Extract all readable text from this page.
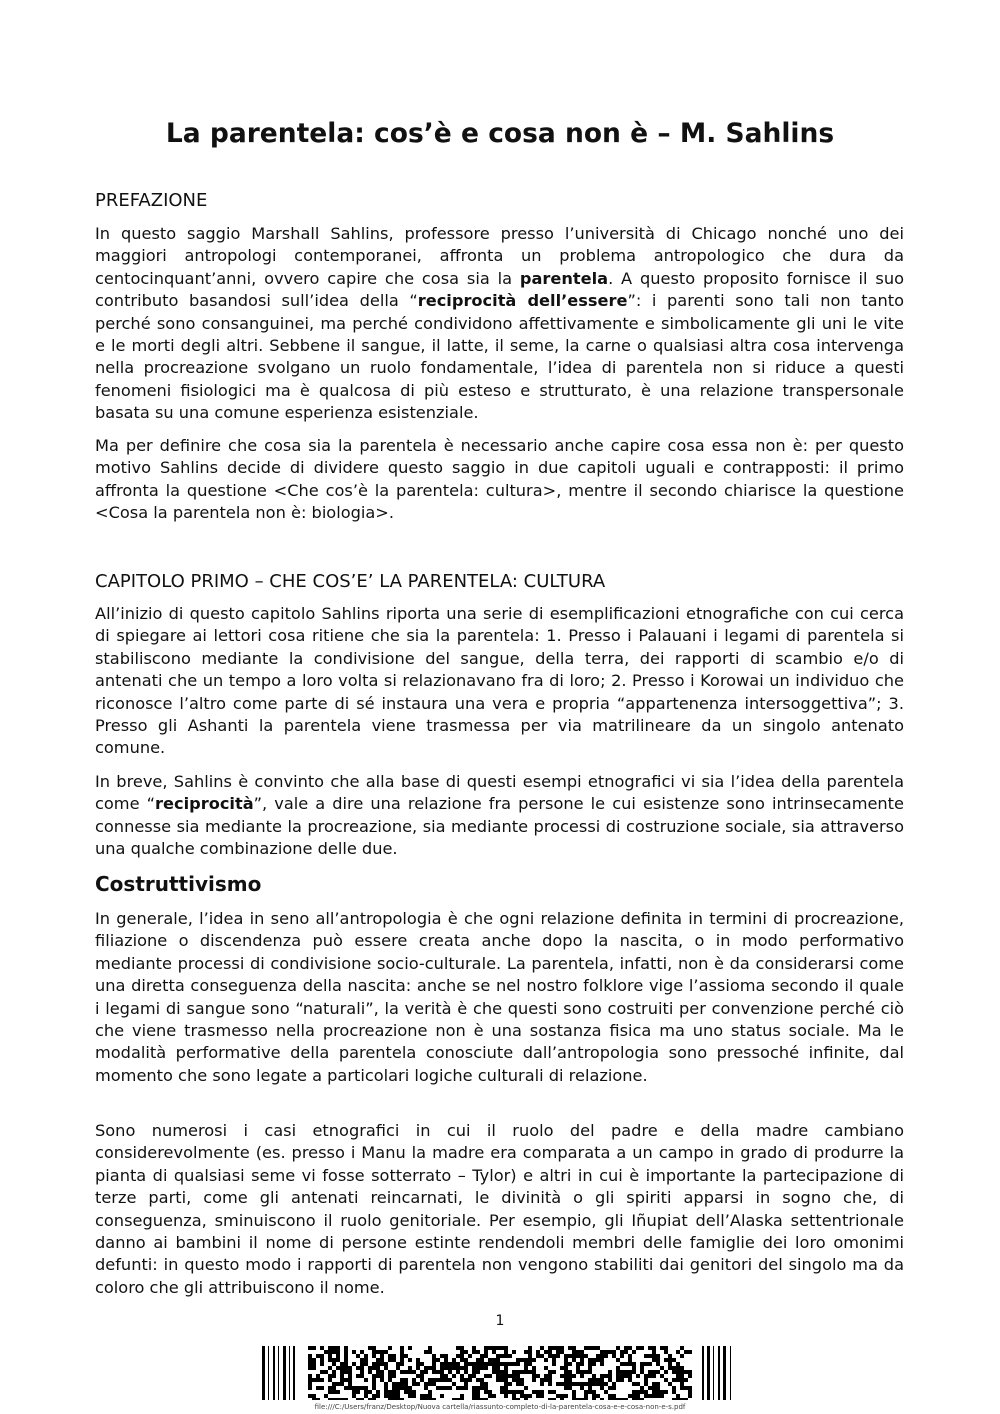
La parentela: cos’è e cosa non è – M. Sahlins
PREFAZIONE

In questo saggio Marshall Sahlins, professore presso l’università di Chicago nonché uno dei maggiori antropologi contemporanei, affronta un problema antropologico che dura da centocinquant’anni, ovvero capire che cosa sia la parentela. A questo proposito fornisce il suo contributo basandosi sull’idea della “reciprocità dell’essere”: i parenti sono tali non tanto perché sono consanguinei, ma perché condividono affettivamente e simbolicamente gli uni le vite e le morti degli altri. Sebbene il sangue, il latte, il seme, la carne o qualsiasi altra cosa intervenga nella procreazione svolgano un ruolo fondamentale, l’idea di parentela non si riduce a questi fenomeni fisiologici ma è qualcosa di più esteso e strutturato, è una relazione transpersonale basata su una comune esperienza esistenziale.

Ma per definire che cosa sia la parentela è necessario anche capire cosa essa non è: per questo motivo Sahlins decide di dividere questo saggio in due capitoli uguali e contrapposti: il primo affronta la questione <Che cos’è la parentela: cultura>, mentre il secondo chiarisce la questione <Cosa la parentela non è: biologia>.

CAPITOLO PRIMO – CHE COS’E’ LA PARENTELA: CULTURA

All’inizio di questo capitolo Sahlins riporta una serie di esemplificazioni etnografiche con cui cerca di spiegare ai lettori cosa ritiene che sia la parentela: 1. Presso i Palauani i legami di parentela si stabiliscono mediante la condivisione del sangue, della terra, dei rapporti di scambio e/o di antenati che un tempo a loro volta si relazionavano fra di loro; 2. Presso i Korowai un individuo che riconosce l’altro come parte di sé instaura una vera e propria “appartenenza intersoggettiva”; 3. Presso gli Ashanti la parentela viene trasmessa per via matrilineare da un singolo antenato comune.

In breve, Sahlins è convinto che alla base di questi esempi etnografici vi sia l’idea della parentela come “reciprocità”, vale a dire una relazione fra persone le cui esistenze sono intrinsecamente connesse sia mediante la procreazione, sia mediante processi di costruzione sociale, sia attraverso una qualche combinazione delle due.

Costruttivismo

In generale, l’idea in seno all’antropologia è che ogni relazione definita in termini di procreazione, filiazione o discendenza può essere creata anche dopo la nascita, o in modo performativo mediante processi di condivisione socio-culturale. La parentela, infatti, non è da considerarsi come una diretta conseguenza della nascita: anche se nel nostro folklore vige l’assioma secondo il quale i legami di sangue sono “naturali”, la verità è che questi sono costruiti per convenzione perché ciò che viene trasmesso nella procreazione non è una sostanza fisica ma uno status sociale. Ma le modalità performative della parentela conosciute dall’antropologia sono pressoché infinite, dal momento che sono legate a particolari logiche culturali di relazione.

Sono numerosi i casi etnografici in cui il ruolo del padre e della madre cambiano considerevolmente (es. presso i Manu la madre era comparata a un campo in grado di produrre la pianta di qualsiasi seme vi fosse sotterrato – Tylor) e altri in cui è importante la partecipazione di terze parti, come gli antenati reincarnati, le divinità o gli spiriti apparsi in sogno che, di conseguenza, sminuiscono il ruolo genitoriale. Per esempio, gli Iñupiat dell’Alaska settentrionale danno ai bambini il nome di persone estinte rendendoli membri delle famiglie dei loro omonimi defunti: in questo modo i rapporti di parentela non vengono stabiliti dai genitori del singolo ma da coloro che gli attribuiscono il nome.

1
file:///C:/Users/franz/Desktop/Nuova cartella/riassunto-completo-di-la-parentela-cosa-e-e-cosa-non-e-s.pdf
